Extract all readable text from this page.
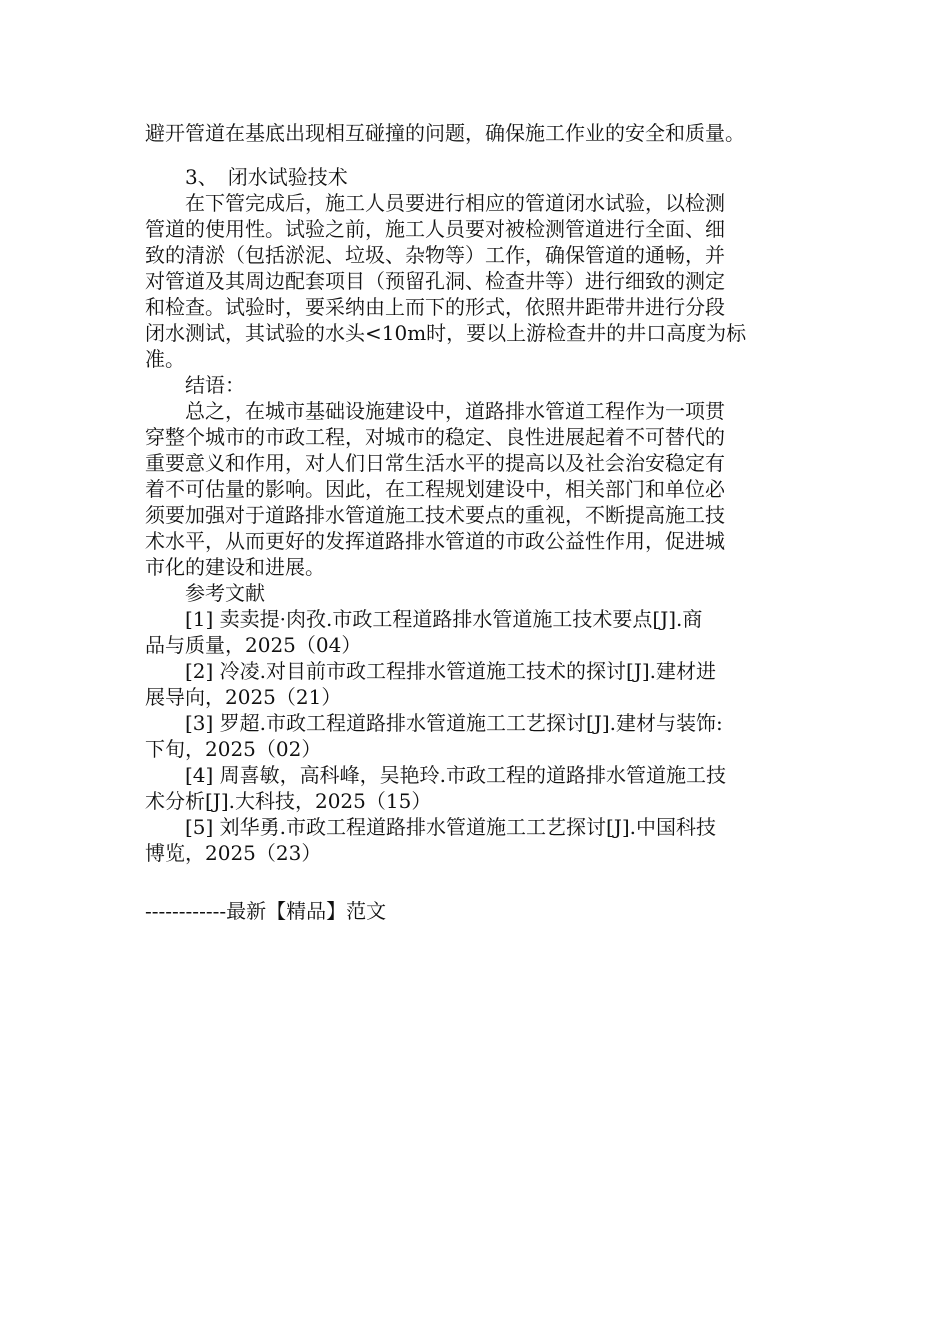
避开管道在基底出现相互碰撞的问题，确保施工作业的安全和质量。
　　3、　闭水试验技术
　　在下管完成后，施工人员要进行相应的管道闭水试验，以检测
管道的使用性。试验之前，施工人员要对被检测管道进行全面、细
致的清淤（包括淤泥、垃圾、杂物等）工作，确保管道的通畅，并
对管道及其周边配套项目（预留孔洞、检查井等）进行细致的测定
和检查。试验时，要采纳由上而下的形式，依照井距带井进行分段
闭水测试，其试验的水头<10m时，要以上游检查井的井口高度为标
准。
　　结语：
　　总之，在城市基础设施建设中，道路排水管道工程作为一项贯
穿整个城市的市政工程，对城市的稳定、良性进展起着不可替代的
重要意义和作用，对人们日常生活水平的提高以及社会治安稳定有
着不可估量的影响。因此，在工程规划建设中，相关部门和单位必
须要加强对于道路排水管道施工技术要点的重视，不断提高施工技
术水平，从而更好的发挥道路排水管道的市政公益性作用，促进城
市化的建设和进展。
　　参考文献
　　[1] 卖卖提·肉孜.市政工程道路排水管道施工技术要点[J].商
品与质量，2025（04）
　　[2] 冷凌.对目前市政工程排水管道施工技术的探讨[J].建材进
展导向，2025（21）
　　[3] 罗超.市政工程道路排水管道施工工艺探讨[J].建材与装饰:
下旬，2025（02）
　　[4] 周喜敏，高科峰，吴艳玲.市政工程的道路排水管道施工技
术分析[J].大科技，2025（15）
　　[5] 刘华勇.市政工程道路排水管道施工工艺探讨[J].中国科技
博览，2025（23）
------------最新【精品】范文
